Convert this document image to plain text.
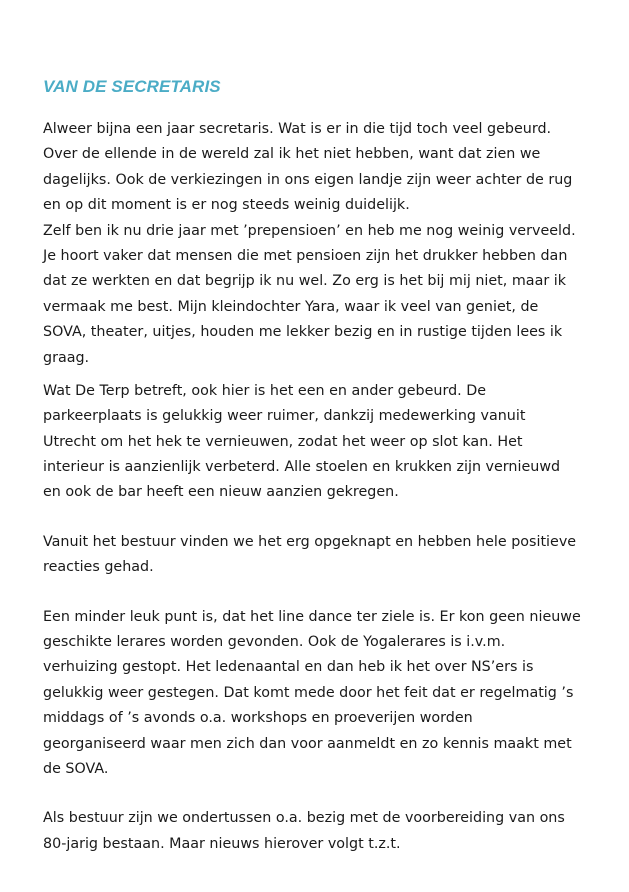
VAN DE SECRETARIS
Alweer bijna een jaar secretaris. Wat is er in die tijd toch veel gebeurd.
Over de ellende in de wereld zal ik het niet hebben, want dat zien we
dagelijks. Ook de verkiezingen in ons eigen landje zijn weer achter de rug
en op dit moment is er nog steeds weinig duidelijk.
Zelf ben ik nu drie jaar met ’prepensioen’ en heb me nog weinig verveeld.
Je hoort vaker dat mensen die met pensioen zijn het drukker hebben dan
dat ze werkten en dat begrijp ik nu wel. Zo erg is het bij mij niet, maar ik
vermaak me best. Mijn kleindochter Yara, waar ik veel van geniet, de
SOVA, theater, uitjes, houden me lekker bezig en in rustige tijden lees ik
graag.
Wat De Terp betreft, ook hier is het een en ander gebeurd. De
parkeerplaats is gelukkig weer ruimer, dankzij medewerking vanuit
Utrecht om het hek te vernieuwen, zodat het weer op slot kan. Het
interieur is aanzienlijk verbeterd. Alle stoelen en krukken zijn vernieuwd
en ook de bar heeft een nieuw aanzien gekregen.
Vanuit het bestuur vinden we het erg opgeknapt en hebben hele positieve
reacties gehad.
Een minder leuk punt is, dat het line dance ter ziele is. Er kon geen nieuwe
geschikte lerares worden gevonden. Ook de Yogalerares is i.v.m.
verhuizing gestopt. Het ledenaantal en dan heb ik het over NS’ers is
gelukkig weer gestegen. Dat komt mede door het feit dat er regelmatig ’s
middags of ’s avonds o.a. workshops en proeverijen worden
georganiseerd waar men zich dan voor aanmeldt en zo kennis maakt met
de SOVA.
Als bestuur zijn we ondertussen o.a. bezig met de voorbereiding van ons
80-jarig bestaan. Maar nieuws hierover volgt t.z.t.
